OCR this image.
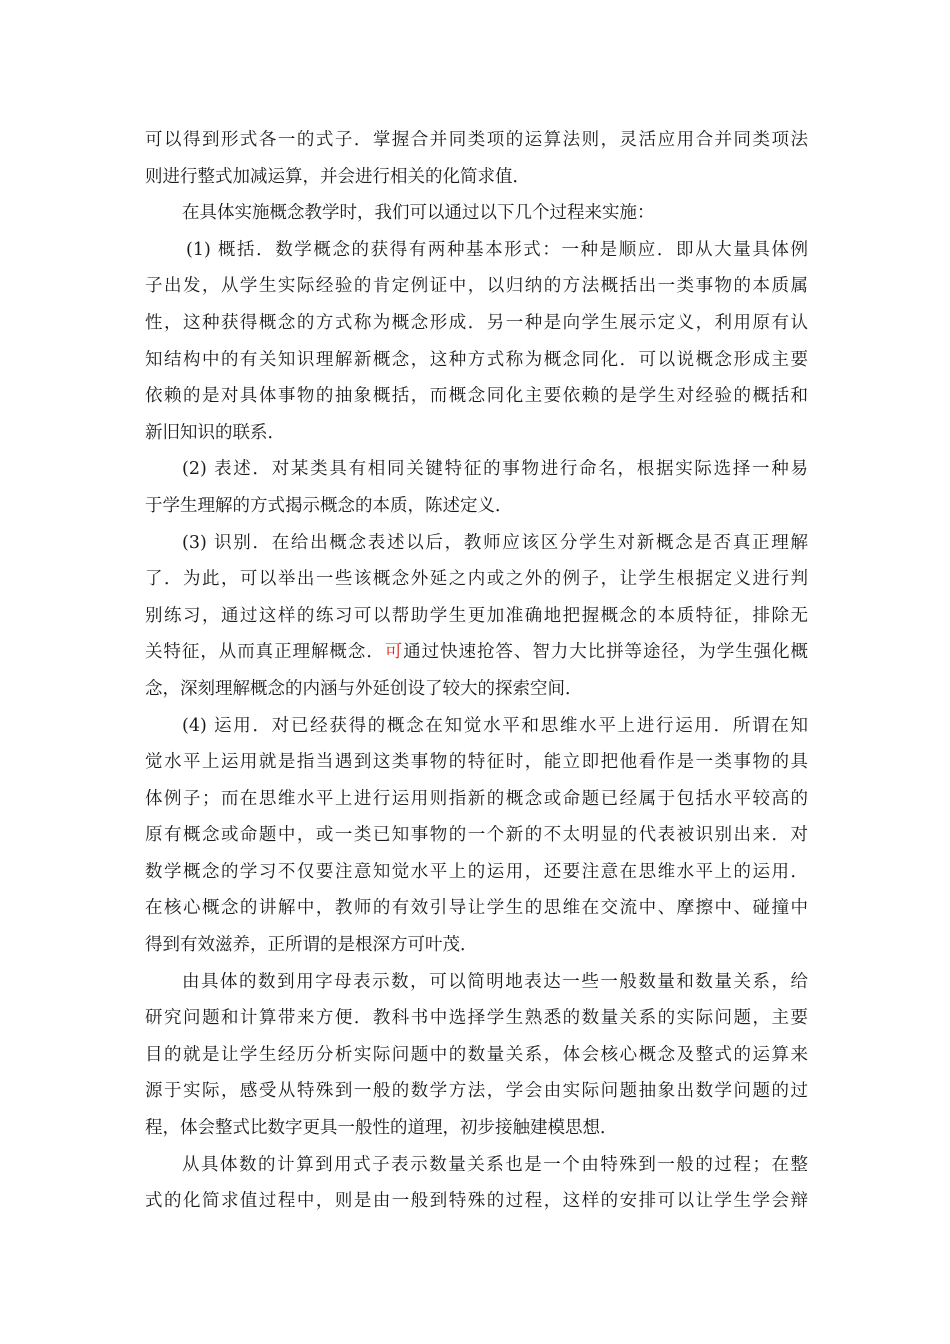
可以得到形式各一的式子．掌握合并同类项的运算法则，灵活应用合并同类项法
则进行整式加减运算，并会进行相关的化简求值．
在具体实施概念教学时，我们可以通过以下几个过程来实施：
(1) 概括．数学概念的获得有两种基本形式：一种是顺应．即从大量具体例
子出发，从学生实际经验的肯定例证中，以归纳的方法概括出一类事物的本质属
性，这种获得概念的方式称为概念形成．另一种是向学生展示定义，利用原有认
知结构中的有关知识理解新概念，这种方式称为概念同化．可以说概念形成主要
依赖的是对具体事物的抽象概括，而概念同化主要依赖的是学生对经验的概括和
新旧知识的联系．
(2) 表述．对某类具有相同关键特征的事物进行命名，根据实际选择一种易
于学生理解的方式揭示概念的本质，陈述定义．
(3) 识别．在给出概念表述以后，教师应该区分学生对新概念是否真正理解
了．为此，可以举出一些该概念外延之内或之外的例子，让学生根据定义进行判
别练习，通过这样的练习可以帮助学生更加准确地把握概念的本质特征，排除无
关特征，从而真正理解概念．可通过快速抢答、智力大比拼等途径，为学生强化概
念，深刻理解概念的内涵与外延创设了较大的探索空间．
(4) 运用．对已经获得的概念在知觉水平和思维水平上进行运用．所谓在知
觉水平上运用就是指当遇到这类事物的特征时，能立即把他看作是一类事物的具
体例子；而在思维水平上进行运用则指新的概念或命题已经属于包括水平较高的
原有概念或命题中，或一类已知事物的一个新的不太明显的代表被识别出来．对
数学概念的学习不仅要注意知觉水平上的运用，还要注意在思维水平上的运用．
在核心概念的讲解中，教师的有效引导让学生的思维在交流中、摩擦中、碰撞中
得到有效滋养，正所谓的是根深方可叶茂．
由具体的数到用字母表示数，可以简明地表达一些一般数量和数量关系，给
研究问题和计算带来方便．教科书中选择学生熟悉的数量关系的实际问题，主要
目的就是让学生经历分析实际问题中的数量关系，体会核心概念及整式的运算来
源于实际，感受从特殊到一般的数学方法，学会由实际问题抽象出数学问题的过
程，体会整式比数字更具一般性的道理，初步接触建模思想．
从具体数的计算到用式子表示数量关系也是一个由特殊到一般的过程；在整
式的化简求值过程中，则是由一般到特殊的过程，这样的安排可以让学生学会辩
